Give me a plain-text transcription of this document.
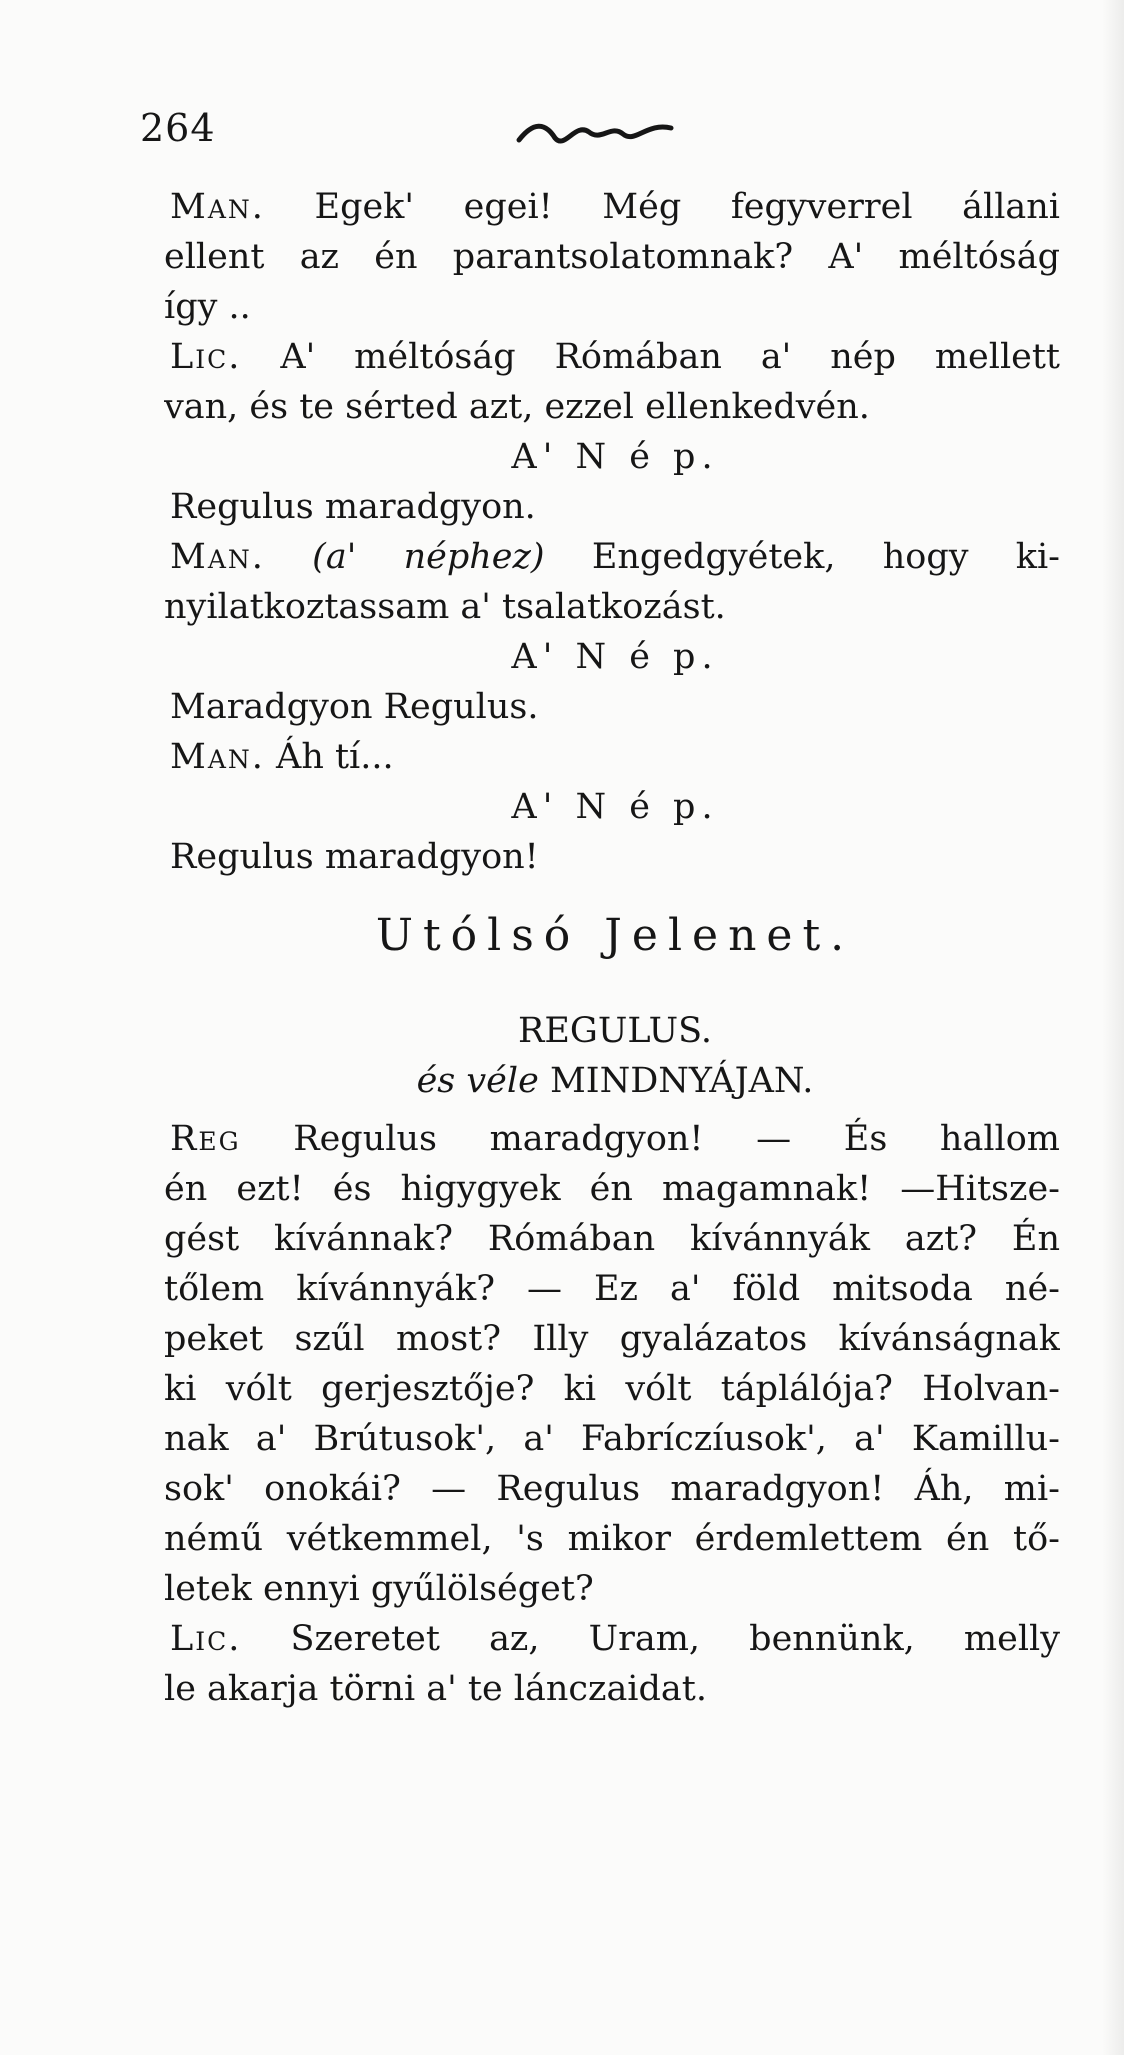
264
Man. Egek' egei! Még fegyverrel állani
ellent az én parantsolatomnak? A' méltóság
így ..
Lic. A' méltóság Rómában a' nép mellett
van, és te sérted azt, ezzel ellenkedvén.
A' N é p.
Regulus maradgyon.
Man. (a' néphez) Engedgyétek, hogy ki-
nyilatkoztassam a' tsalatkozást.
A' N é p.
Maradgyon Regulus.
Man. Áh tí...
A' N é p.
Regulus maradgyon!
Utólsó Jelenet.
REGULUS.
és véle MINDNYÁJAN.
Reg Regulus maradgyon! — És hallom
én ezt! és higygyek én magamnak! —Hitsze-
gést kívánnak? Rómában kívánnyák azt? Én
tőlem kívánnyák? — Ez a' föld mitsoda né-
peket szűl most? Illy gyalázatos kívánságnak
ki vólt gerjesztője? ki vólt táplálója? Holvan-
nak a' Brútusok', a' Fabríczíusok', a' Kamillu-
sok' onokái? — Regulus maradgyon! Áh, mi-
némű vétkemmel, 's mikor érdemlettem én tő-
letek ennyi gyűlölséget?
Lic. Szeretet az, Uram, bennünk, melly
le akarja törni a' te lánczaidat.
